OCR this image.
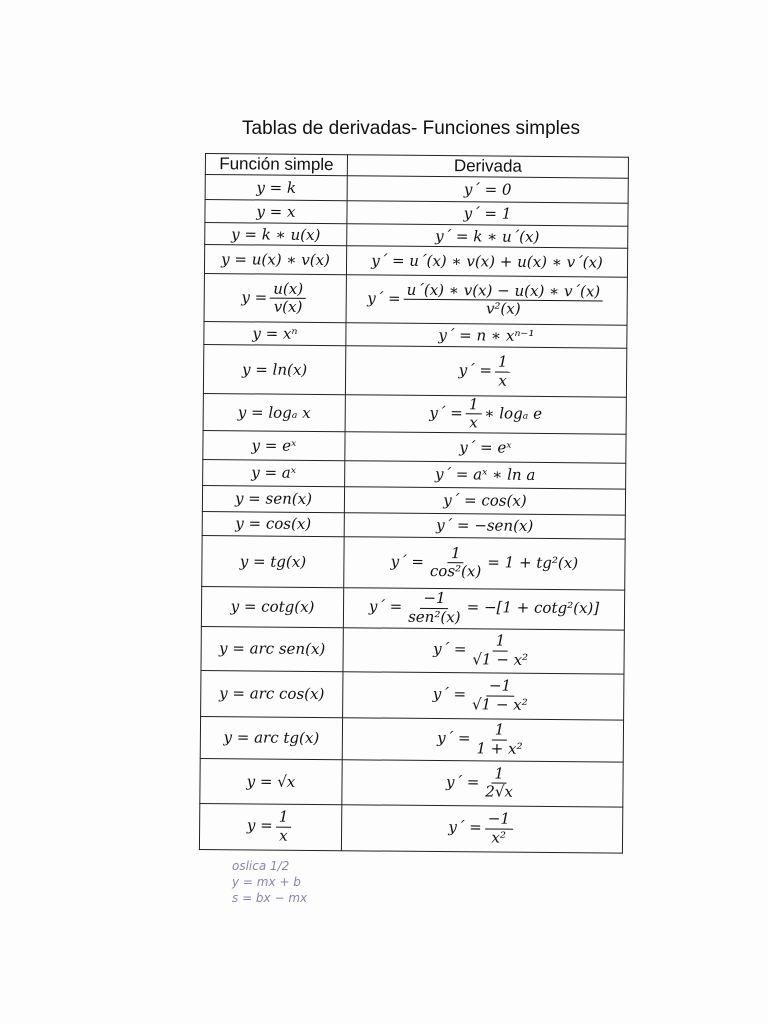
Tablas de derivadas- Funciones simples
Función simple	Derivada
y = k	y´ = 0
y = x	y´ = 1
y = k ∗ u(x)	y´ = k ∗ u´(x)
y = u(x) ∗ v(x)	y´ = u´(x) ∗ v(x) + u(x) ∗ v´(x)
$y = \frac{u(x)}{v(x)}$	y´ = $\frac{u´(x) ∗ v(x) - u(x) ∗ v´(x)}{\text{v²(x)}}$

y = xⁿ	y´ = n ∗ xⁿ⁻¹
y = ln(x)	y´ = $\frac{1}{x}$

y = logₐ x	y´ = $\frac{1}{x}$ ∗ logₐ e
y = eˣ	y´ = eˣ
y = aˣ	y´ = aˣ ∗ ln a
y = sen(x)	y´ = cos(x)
y = cos(x)	y´ = −sen(x)
y = tg(x)	y´ = $\frac{1}{\text{cos²(x)}} = 1 + tg^2(x)$
y = cotg(x)	y´ = $\frac{-1}{\text{sen²(x)}} = -[1 + \cot g^2(x)]$
y = arc sen(x)	y´ = $\frac{1}{\text{√1 − x²}}$

y = arc cos(x)	y´ = $\frac{-1}{\text{√1 − x²}}$

y = arc tg(x)	y´ = $\frac{1}{\text{1 + x²}}$

y = √x	y´ = $\frac{1}{2√x}$

$y = \frac{1}{x}$	y´ = $\frac{-1}{\text{x²}}$
oslica 1/2
y = mx + b
s = bx − mx
